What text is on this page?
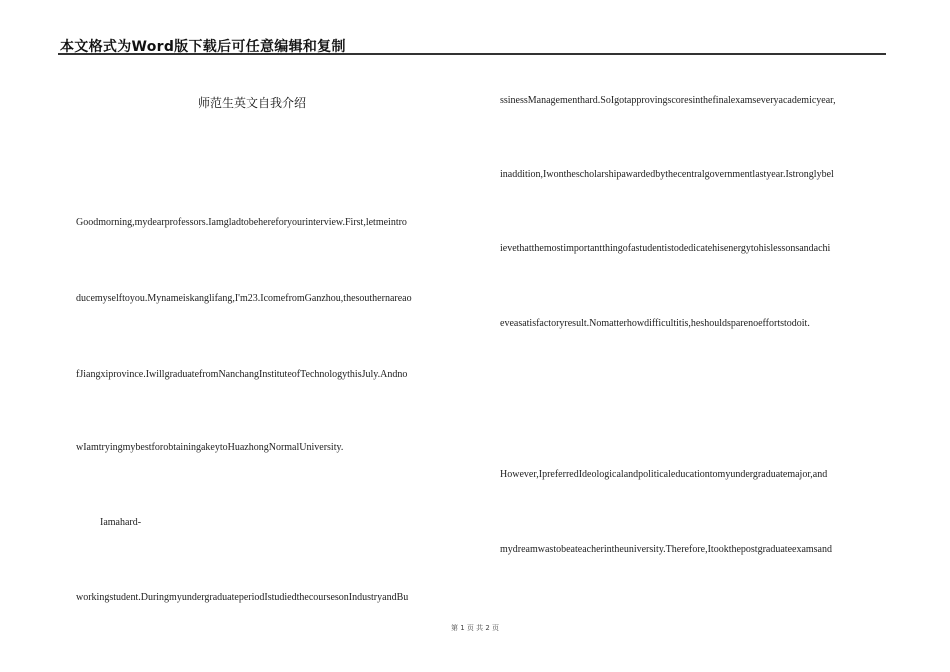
本文格式为Word版下载后可任意编辑和复制
师范生英文自我介绍
Goodmorning,mydearprofessors.Iamgladtobehereforyourinterview.First,letmeintro
ducemyselftoyou.Mynameiskanglifang,I'm23.IcomefromGanzhou,thesouthernareao
fJiangxiprovince.IwillgraduatefromNanchangInstituteofTechnologythisJuly.Andno
wIamtryingmybestforobtainingakeytoHuazhongNormalUniversity.
Iamahard-
workingstudent.DuringmyundergraduateperiodIstudiedthecoursesonIndustryandBu
ssinessManagementhard.SoIgotapprovingscoresinthefinalexamseveryacademicyear,
inaddition,Iwonthescholarshipawardedbythecentralgovernmentlastyear.Istronglybel
ievethatthemostimportantthingofastudentistodedicatehisenergytohislessonsandachi
eveasatisfactoryresult.Nomatterhowdifficultitis,heshouldsparenoeffortstodoit.
However,IpreferredIdeologicalandpoliticaleducationtomyundergraduatemajor,and
mydreamwastobeateacherintheuniversity.Therefore,Itookthepostgraduateexamsand
第 1 页 共 2 页
